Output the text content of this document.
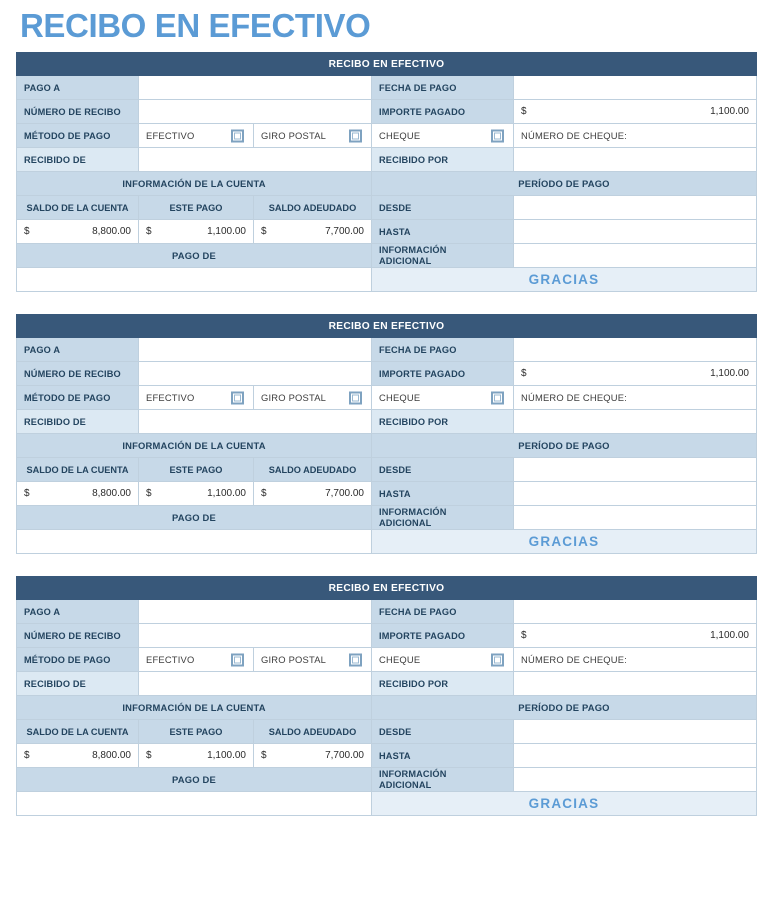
RECIBO EN EFECTIVO
RECIBO EN EFECTIVO				
PAGO A			FECHA DE PAGO	
NÚMERO DE RECIBO			IMPORTE PAGADO	$ 1,100.00

MÉTODO DE PAGO	EFECTIVO	GIRO POSTAL	CHEQUE	NÚMERO DE CHEQUE:
RECIBIDO DE			RECIBIDO POR	
INFORMACIÓN DE LA CUENTA			PERÍODO DE PAGO	
SALDO DE LA CUENTA	ESTE PAGO	SALDO ADEUDADO	DESDE	

$ 8,800.00	$ 1,100.00	$ 7,700.00	HASTA	
PAGO DE			INFORMACIÓN
ADICIONAL	
			GRACIAS	
RECIBO EN EFECTIVO				
PAGO A			FECHA DE PAGO	
NÚMERO DE RECIBO			IMPORTE PAGADO	$ 1,100.00

MÉTODO DE PAGO	EFECTIVO	GIRO POSTAL	CHEQUE	NÚMERO DE CHEQUE:
RECIBIDO DE			RECIBIDO POR	
INFORMACIÓN DE LA CUENTA			PERÍODO DE PAGO	
SALDO DE LA CUENTA	ESTE PAGO	SALDO ADEUDADO	DESDE	

$ 8,800.00	$ 1,100.00	$ 7,700.00	HASTA	
PAGO DE			INFORMACIÓN
ADICIONAL	
			GRACIAS	
RECIBO EN EFECTIVO				
PAGO A			FECHA DE PAGO	
NÚMERO DE RECIBO			IMPORTE PAGADO	$ 1,100.00

MÉTODO DE PAGO	EFECTIVO	GIRO POSTAL	CHEQUE	NÚMERO DE CHEQUE:
RECIBIDO DE			RECIBIDO POR	
INFORMACIÓN DE LA CUENTA			PERÍODO DE PAGO	
SALDO DE LA CUENTA	ESTE PAGO	SALDO ADEUDADO	DESDE	

$ 8,800.00	$ 1,100.00	$ 7,700.00	HASTA	
PAGO DE			INFORMACIÓN
ADICIONAL	
			GRACIAS	
